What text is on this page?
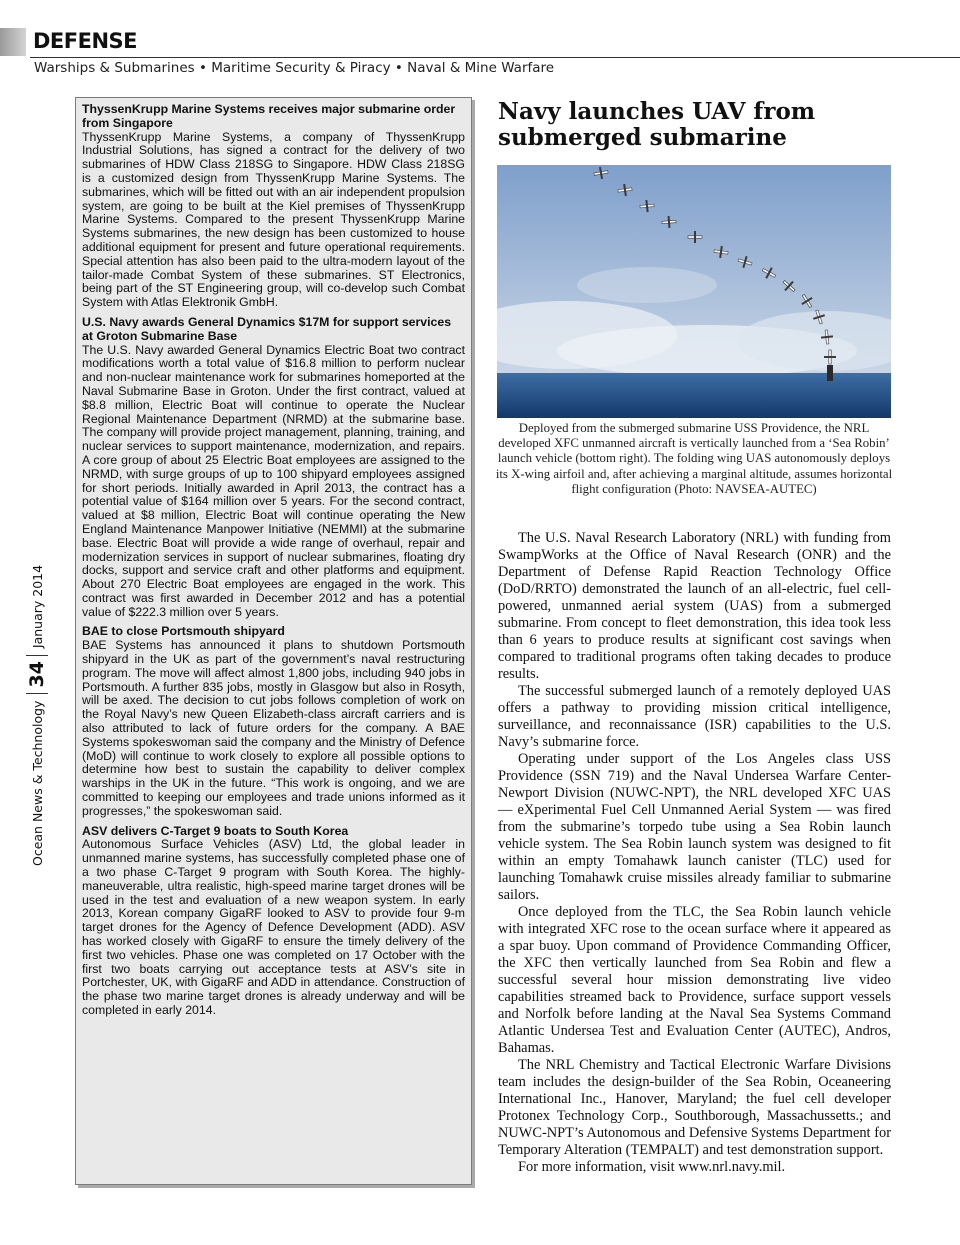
DEFENSE
Warships & Submarines • Maritime Security & Piracy • Naval & Mine Warfare
Ocean News & Technology
34
January 2014

ThyssenKrupp Marine Systems receives major submarine order from Singapore

ThyssenKrupp Marine Systems, a company of ThyssenKrupp Industrial Solutions, has signed a contract for the delivery of two submarines of HDW Class 218SG to Singapore. HDW Class 218SG is a customized design from ThyssenKrupp Marine Systems. The submarines, which will be fitted out with an air independent propulsion system, are going to be built at the Kiel premises of ThyssenKrupp Marine Systems. Compared to the present ThyssenKrupp Marine Systems submarines, the new design has been customized to house additional equipment for present and future operational requirements. Special attention has also been paid to the ultra-modern layout of the tailor-made Combat System of these submarines. ST Electronics, being part of the ST Engineering group, will co-develop such Combat System with Atlas Elektronik GmbH.

U.S. Navy awards General Dynamics $17M for support services at Groton Submarine Base

The U.S. Navy awarded General Dynamics Electric Boat two contract modifications worth a total value of $16.8 million to perform nuclear and non-nuclear maintenance work for submarines homeported at the Naval Submarine Base in Groton. Under the first contract, valued at $8.8 million, Electric Boat will continue to operate the Nuclear Regional Maintenance Department (NRMD) at the submarine base. The company will provide project management, planning, training, and nuclear services to support maintenance, modernization, and repairs. A core group of about 25 Electric Boat employees are assigned to the NRMD, with surge groups of up to 100 shipyard employees assigned for short periods. Initially awarded in April 2013, the contract has a potential value of $164 million over 5 years. For the second contract, valued at $8 million, Electric Boat will continue operating the New England Maintenance Manpower Initiative (NEMMI) at the submarine base. Electric Boat will provide a wide range of overhaul, repair and modernization services in support of nuclear submarines, floating dry docks, support and service craft and other platforms and equipment. About 270 Electric Boat employees are engaged in the work. This contract was first awarded in December 2012 and has a potential value of $222.3 million over 5 years.

BAE to close Portsmouth shipyard

BAE Systems has announced it plans to shutdown Portsmouth shipyard in the UK as part of the government’s naval restructuring program. The move will affect almost 1,800 jobs, including 940 jobs in Portsmouth. A further 835 jobs, mostly in Glasgow but also in Rosyth, will be axed. The decision to cut jobs follows completion of work on the Royal Navy’s new Queen Elizabeth-class aircraft carriers and is also attributed to lack of future orders for the company. A BAE Systems spokeswoman said the company and the Ministry of Defence (MoD) will continue to work closely to explore all possible options to determine how best to sustain the capability to deliver complex warships in the UK in the future. “This work is ongoing, and we are committed to keeping our employees and trade unions informed as it progresses,” the spokeswoman said.

ASV delivers C-Target 9 boats to South Korea

Autonomous Surface Vehicles (ASV) Ltd, the global leader in unmanned marine systems, has successfully completed phase one of a two phase C-Target 9 program with South Korea. The highly-maneuverable, ultra realistic, high-speed marine target drones will be used in the test and evaluation of a new weapon system. In early 2013, Korean company GigaRF looked to ASV to provide four 9-m target drones for the Agency of Defence Development (ADD). ASV has worked closely with GigaRF to ensure the timely delivery of the first two vehicles. Phase one was completed on 17 October with the first two boats carrying out acceptance tests at ASV’s site in Portchester, UK, with GigaRF and ADD in attendance. Construction of the phase two marine target drones is already underway and will be completed in early 2014.

Navy launches UAV from submerged submarine

Deployed from the submerged submarine USS Providence, the NRL developed XFC unmanned aircraft is vertically launched from a ‘Sea Robin’ launch vehicle (bottom right). The folding wing UAS autonomously deploys its X-wing airfoil and, after achieving a marginal altitude, assumes horizontal flight configuration (Photo: NAVSEA-AUTEC)

The U.S. Naval Research Laboratory (NRL) with funding from SwampWorks at the Office of Naval Research (ONR) and the Department of Defense Rapid Reaction Technology Office (DoD/RRTO) demonstrated the launch of an all-electric, fuel cell-powered, unmanned aerial system (UAS) from a submerged submarine. From concept to fleet demonstration, this idea took less than 6 years to produce results at significant cost savings when compared to traditional programs often taking decades to produce results.

The successful submerged launch of a remotely deployed UAS offers a pathway to providing mission critical intelligence, surveillance, and reconnaissance (ISR) capabilities to the U.S. Navy’s submarine force.

Operating under support of the Los Angeles class USS Providence (SSN 719) and the Naval Undersea Warfare Center-Newport Division (NUWC-NPT), the NRL developed XFC UAS — eXperimental Fuel Cell Unmanned Aerial System — was fired from the submarine’s torpedo tube using a Sea Robin launch vehicle system. The Sea Robin launch system was designed to fit within an empty Tomahawk launch canister (TLC) used for launching Tomahawk cruise missiles already familiar to submarine sailors.

Once deployed from the TLC, the Sea Robin launch vehicle with integrated XFC rose to the ocean surface where it appeared as a spar buoy. Upon command of Providence Commanding Officer, the XFC then vertically launched from Sea Robin and flew a successful several hour mission demonstrating live video capabilities streamed back to Providence, surface support vessels and Norfolk before landing at the Naval Sea Systems Command Atlantic Undersea Test and Evaluation Center (AUTEC), Andros, Bahamas.

The NRL Chemistry and Tactical Electronic Warfare Divisions team includes the design-builder of the Sea Robin, Oceaneering International Inc., Hanover, Maryland; the fuel cell developer Protonex Technology Corp., Southborough, Massachussetts.; and NUWC-NPT’s Autonomous and Defensive Systems Department for Temporary Alteration (TEMPALT) and test demonstration support.

For more information, visit www.nrl.navy.mil.
